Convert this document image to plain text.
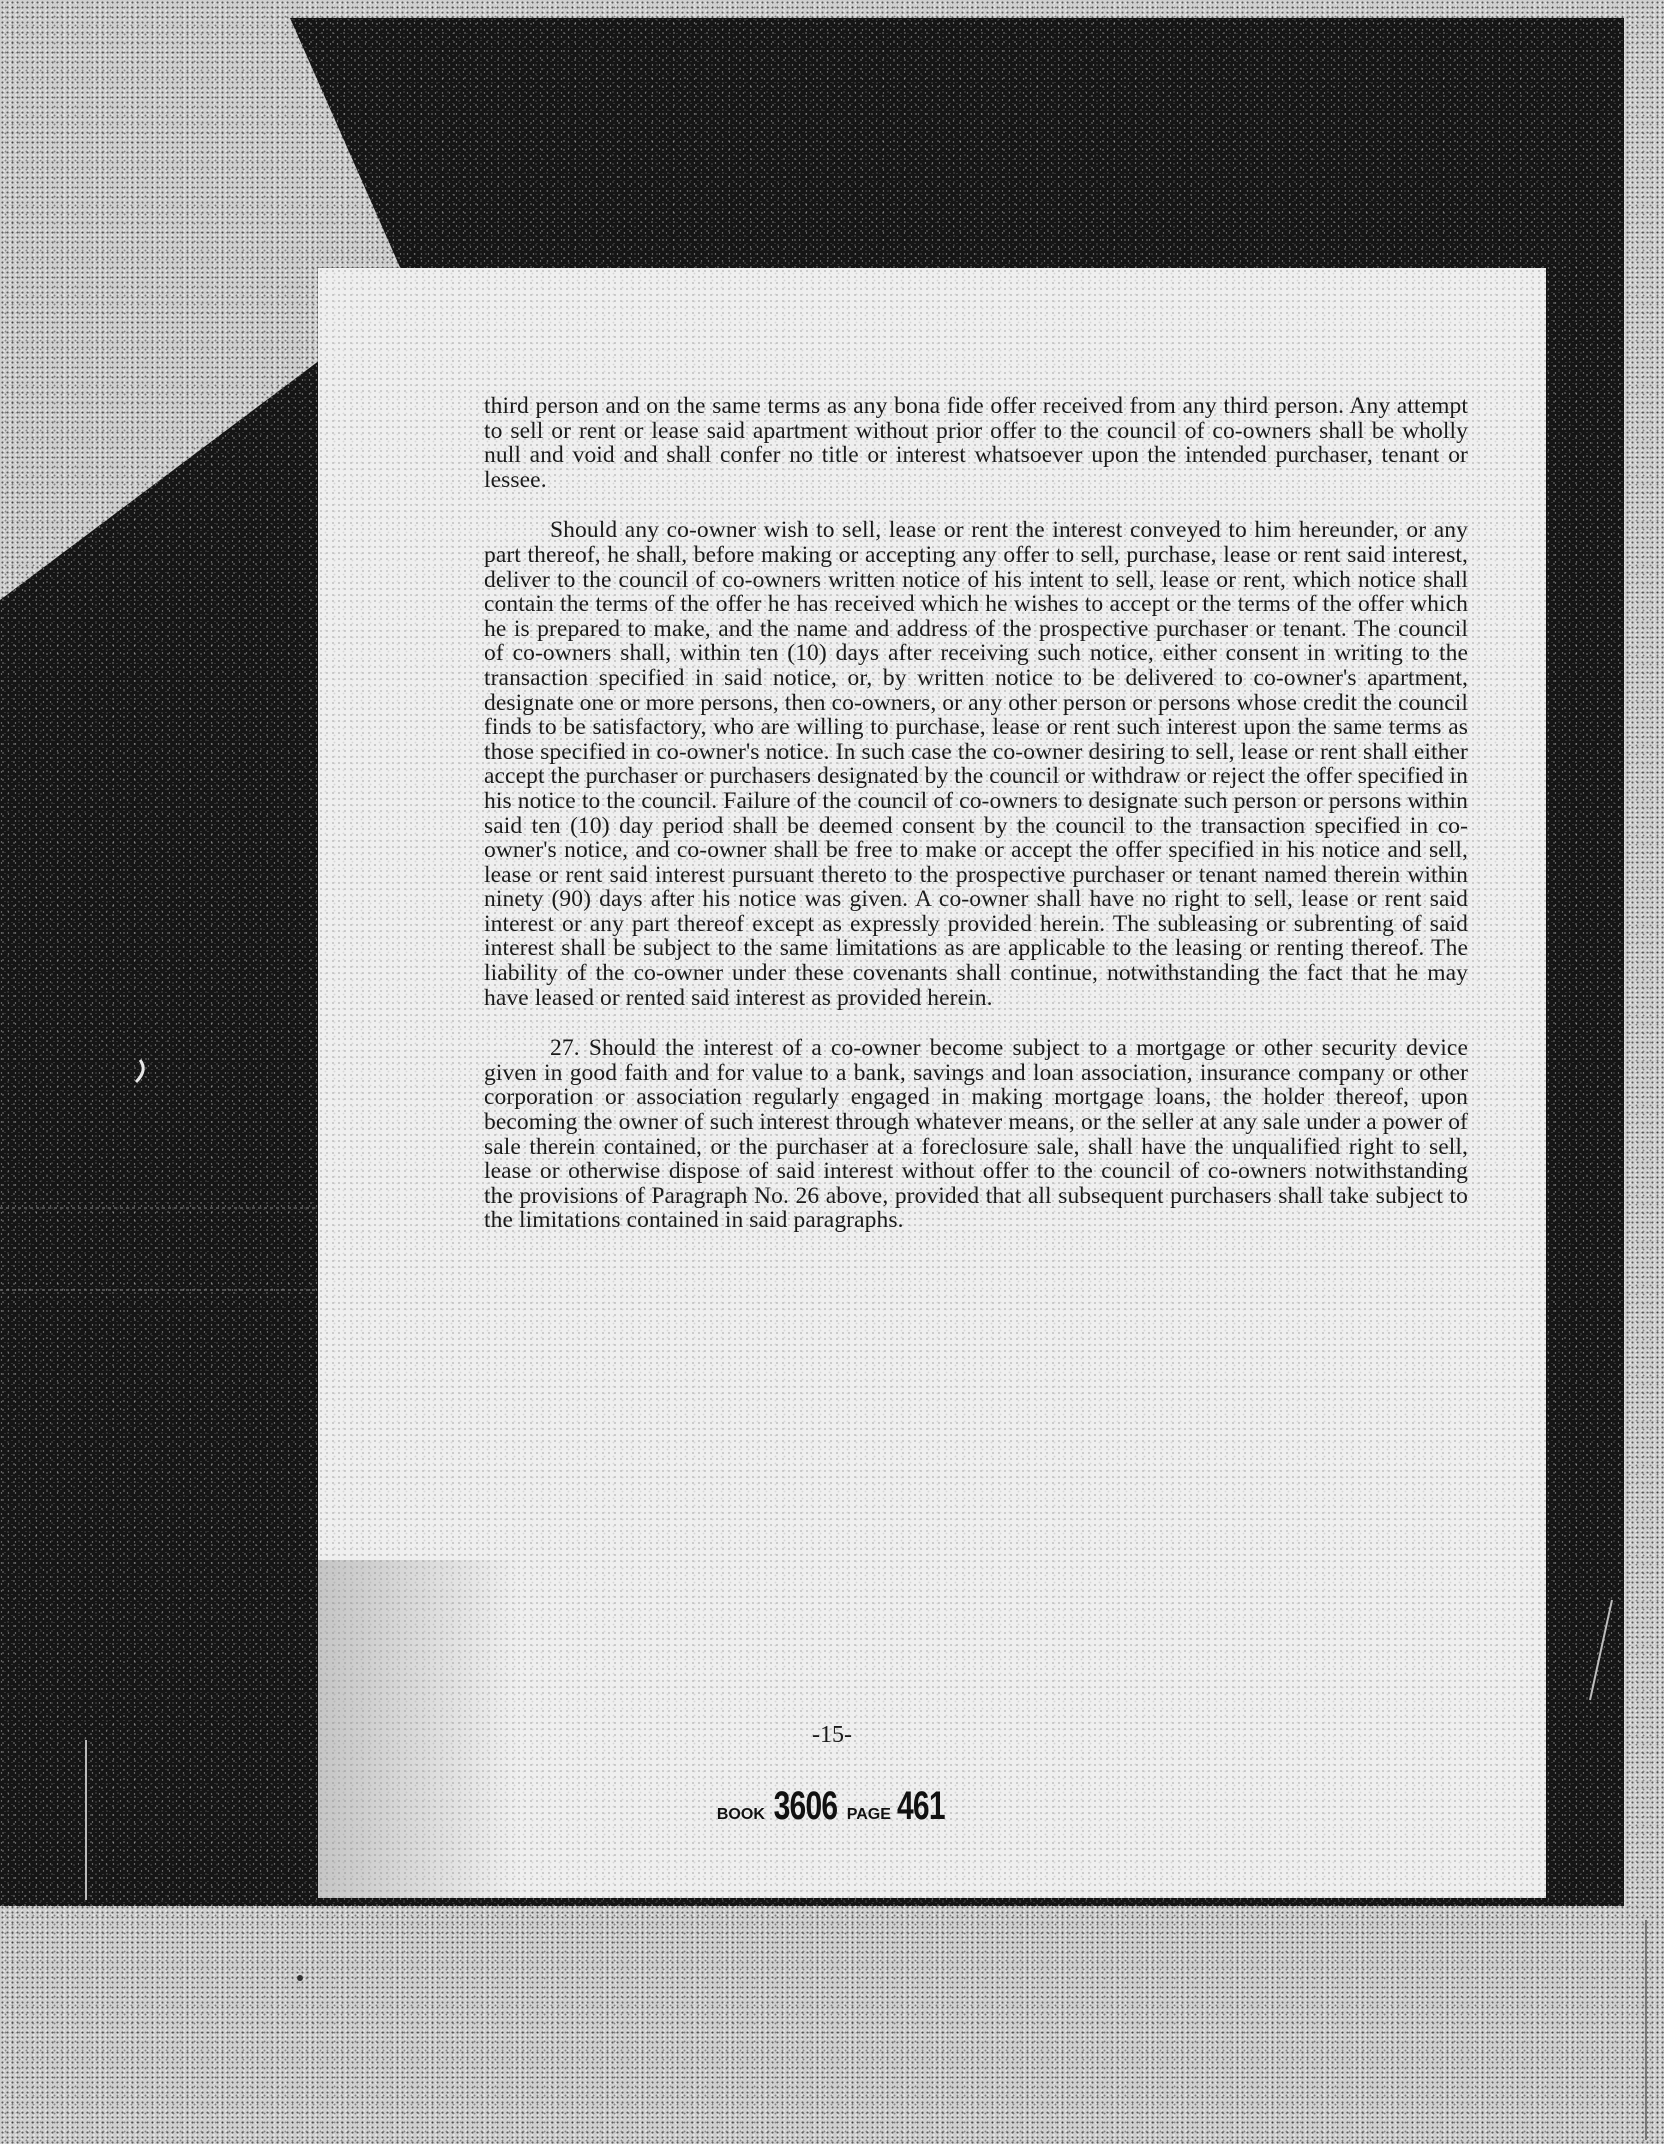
third person and on the same terms as any bona fide offer received from any third person. Any attempt to sell or rent or lease said apartment without prior offer to the council of co-owners shall be wholly null and void and shall confer no title or interest whatsoever upon the intended purchaser, tenant or lessee.

Should any co-owner wish to sell, lease or rent the interest conveyed to him hereunder, or any part thereof, he shall, before making or accepting any offer to sell, purchase, lease or rent said interest, deliver to the council of co-owners written notice of his intent to sell, lease or rent, which notice shall contain the terms of the offer he has received which he wishes to accept or the terms of the offer which he is prepared to make, and the name and address of the prospective purchaser or tenant. The council of co-owners shall, within ten (10) days after receiving such notice, either consent in writing to the transaction specified in said notice, or, by written notice to be delivered to co-owner's apartment, designate one or more persons, then co-owners, or any other person or persons whose credit the council finds to be satisfactory, who are willing to purchase, lease or rent such interest upon the same terms as those specified in co-owner's notice. In such case the co-owner desiring to sell, lease or rent shall either accept the purchaser or purchasers designated by the council or withdraw or reject the offer specified in his notice to the council. Failure of the council of co-owners to designate such person or persons within said ten (10) day period shall be deemed consent by the council to the transaction specified in co-owner's notice, and co-owner shall be free to make or accept the offer specified in his notice and sell, lease or rent said interest pursuant thereto to the prospective purchaser or tenant named therein within ninety (90) days after his notice was given. A co-owner shall have no right to sell, lease or rent said interest or any part thereof except as expressly provided herein. The subleasing or subrenting of said interest shall be subject to the same limitations as are applicable to the leasing or renting thereof. The liability of the co-owner under these covenants shall continue, notwithstanding the fact that he may have leased or rented said interest as provided herein.

27. Should the interest of a co-owner become subject to a mortgage or other security device given in good faith and for value to a bank, savings and loan association, insurance company or other corporation or association regularly engaged in making mortgage loans, the holder thereof, upon becoming the owner of such interest through whatever means, or the seller at any sale under a power of sale therein contained, or the purchaser at a foreclosure sale, shall have the unqualified right to sell, lease or otherwise dispose of said interest without offer to the council of co-owners notwithstanding the provisions of Paragraph No. 26 above, provided that all subsequent purchasers shall take subject to the limitations contained in said paragraphs.

-15-
BOOK 3606 PAGE 461
